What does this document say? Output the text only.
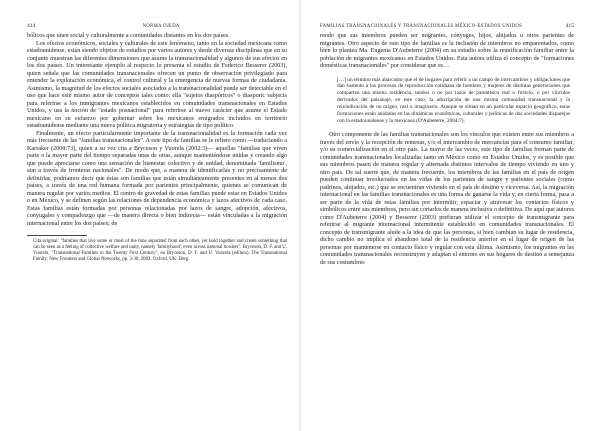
414	NORMA OJEDA

bólicos que unen social y culturalmente a comunidades distantes en los dos países.

Los efectos económicos, sociales y culturales de este fenómeno, tanto en la sociedad mexicana como estadounidense, están siendo objetos de estudios por varios autores y desde diversas disciplinas que en su conjunto muestran las diferentes dimensiones que asume la transnacionalidad y algunos de sus efectos en los dos países. Un interesante ejemplo al respecto lo presenta el estudio de Federico Besserer (2003), quien señala que las comunidades transnacionales ofrecen un punto de observación privilegiado para entender la explotación económica, el control cultural y la emergencia de nuevas formas de ciudadanía. Asimismo, la magnitud de los efectos sociales asociados a la transnacionalidad puede ser detectable en el uso que hace este mismo autor de conceptos tales como: ella "sujetos diaspóricos" o diasporic subjects para referirse a los inmigrantes mexicanos establecidos en comunidades transnacionales en Estados Unidos, y usa la noción de "estado posnacional" para referirse al nuevo carácter que asume el Estado mexicano en su esfuerzo por gobernar sobre los mexicanos emigrados incluidos en territorio estadounidense mediante una nueva política migratoria y estrategias de tipo político.

Finalmente, un efecto particularmente importante de la transnacionalidad es la formación cada vez más frecuente de las "familias transnacionales". A este tipo de familias se le refiere como —traduciendo a Karraker (2008:73), quien a su vez cita a Bryceson y Vuorela (2002:3)— aquellas "familias que viven parte o la mayor parte del tiempo separadas unas de otras, aunque manteniéndose unidas y creando algo que puede apreciarse como una sensación de bienestar colectivo y de unidad, denominada 'familismo', aun a través de fronteras nacionales". De modo que, a manera de identificarlas y no precisamente de definirlas, podríamos decir que éstas son familias que están simultáneamente presentes en al menos dos países, a través de una red humana formada por parientes principalmente, quienes se comunican de manera regular por varios medios. El centro de gravedad de estas familias puede estar en Estados Unidos o en México, y se definen según las relaciones de dependencia económica y lazos afectivos de cada caso. Estas familias están formadas por personas relacionadas por lazos de sangre, adopción, afectivos, conyugales y compadrazgo que —de manera directa o bien indirecta— están vinculadas a la migración internacional entre los dos países; de

Cita original: "families that live some or most of the time separated from each other, yet hold together and create something that can be seen as a feeling of collective welfare and unity, namely 'familyhood', even across national borders". Bryceson, D. F. and U. Vuorela. "Transnational Families in the Twenty First Century", en Bryceson, D. F. and U. Vuorela (editors). The Transnational Family: New Frontiers and Global Networks, pp. 3-30, 2002, Oxford, UK: Berg.

FAMILIAS TRANSNACIONALES Y TRANSNACIONALES MÉXICO-ESTADOS UNIDOS	415

modo que sus miembros pueden ser migrantes, cónyuges, hijos, ahijados u otros parientes de migrantes. Otro aspecto de este tipo de familias es la inclusión de miembros no emparentados, como bien lo plantea Ma. Eugenia D'Aubeterre (2004) en su estudio sobre la reunificación familiar entre la población de migrantes mexicanos en Estados Unidos. Esta autora utiliza el concepto de "formaciones domésticas transnacionales" por considerar que es…

[…] un término más abarcador que el de hogares para referir a un campo de intercambios y obligaciones que dan sustento a los procesos de reproducción cotidiana de hombres y mujeres de distintas generaciones que comparten una misma residencia, unidos o no por lazos de parentesco real o ficticio, o por vínculos derivados del paisanaje, en este caso, la adscripción de una misma comunidad transnacional y la reivindicación de un origen, real o imaginario. Aunque se sitúan en un particular espacio geográfico, estas formaciones están anidadas en las dinámicas económicas, culturales y políticas de dos sociedades disparejas con la estadounidense y la mexicana (D'Aubeterre, 2004:7).

Otro componente de las familias transnacionales son los vínculos que existen entre sus miembros a través del envío y la recepción de remesas, y/o el intercambio de mercancías para el consumo familiar, y/o su comercialización en el otro país. La mayor de las veces, este tipo de familias forman parte de comunidades transnacionales localizadas tanto en México como en Estados Unidos, y es posible que sus miembros pasen de manera regular y alternada distintos intervalos de tiempo viviendo en uno y otro país. De tal suerte que, de manera frecuente, los miembros de las familias en el país de origen pueden continuar involucrados en las vidas de los parientes de sangre y parientes sociales (como padrinos, ahijados, etc.) que se encuentran viviendo en el país de destino y viceversa. Así, la migración internacional en las familias transnacionales es una forma de ganarse la vida y, en cierta forma, pasa a ser parte de la vida de estas familias por intermitir, espaciar y atravesar los contactos físicos y simbólicos entre sus miembros, pero sin cortarlos de manera inclusiva o definitiva. De aquí que autores como D'Aubeterre (2004) y Besserer (2003) prefieran utilizar el concepto de transmigrante para referirse al migrante internacional intermitente establecido en comunidades transnacionales. El concepto de transmigrante alude a la idea de que las personas, si bien cambian su lugar de residencia, dicho cambio no implica el abandono total de la residencia anterior en el lugar de origen de las personas por mantenerse en contacto físico y regular con esta última. Asimismo, los migrantes en las comunidades transnacionales reconstruyen y adaptan el entorno en sus hogares de destino a semejanza de sus costumbres
